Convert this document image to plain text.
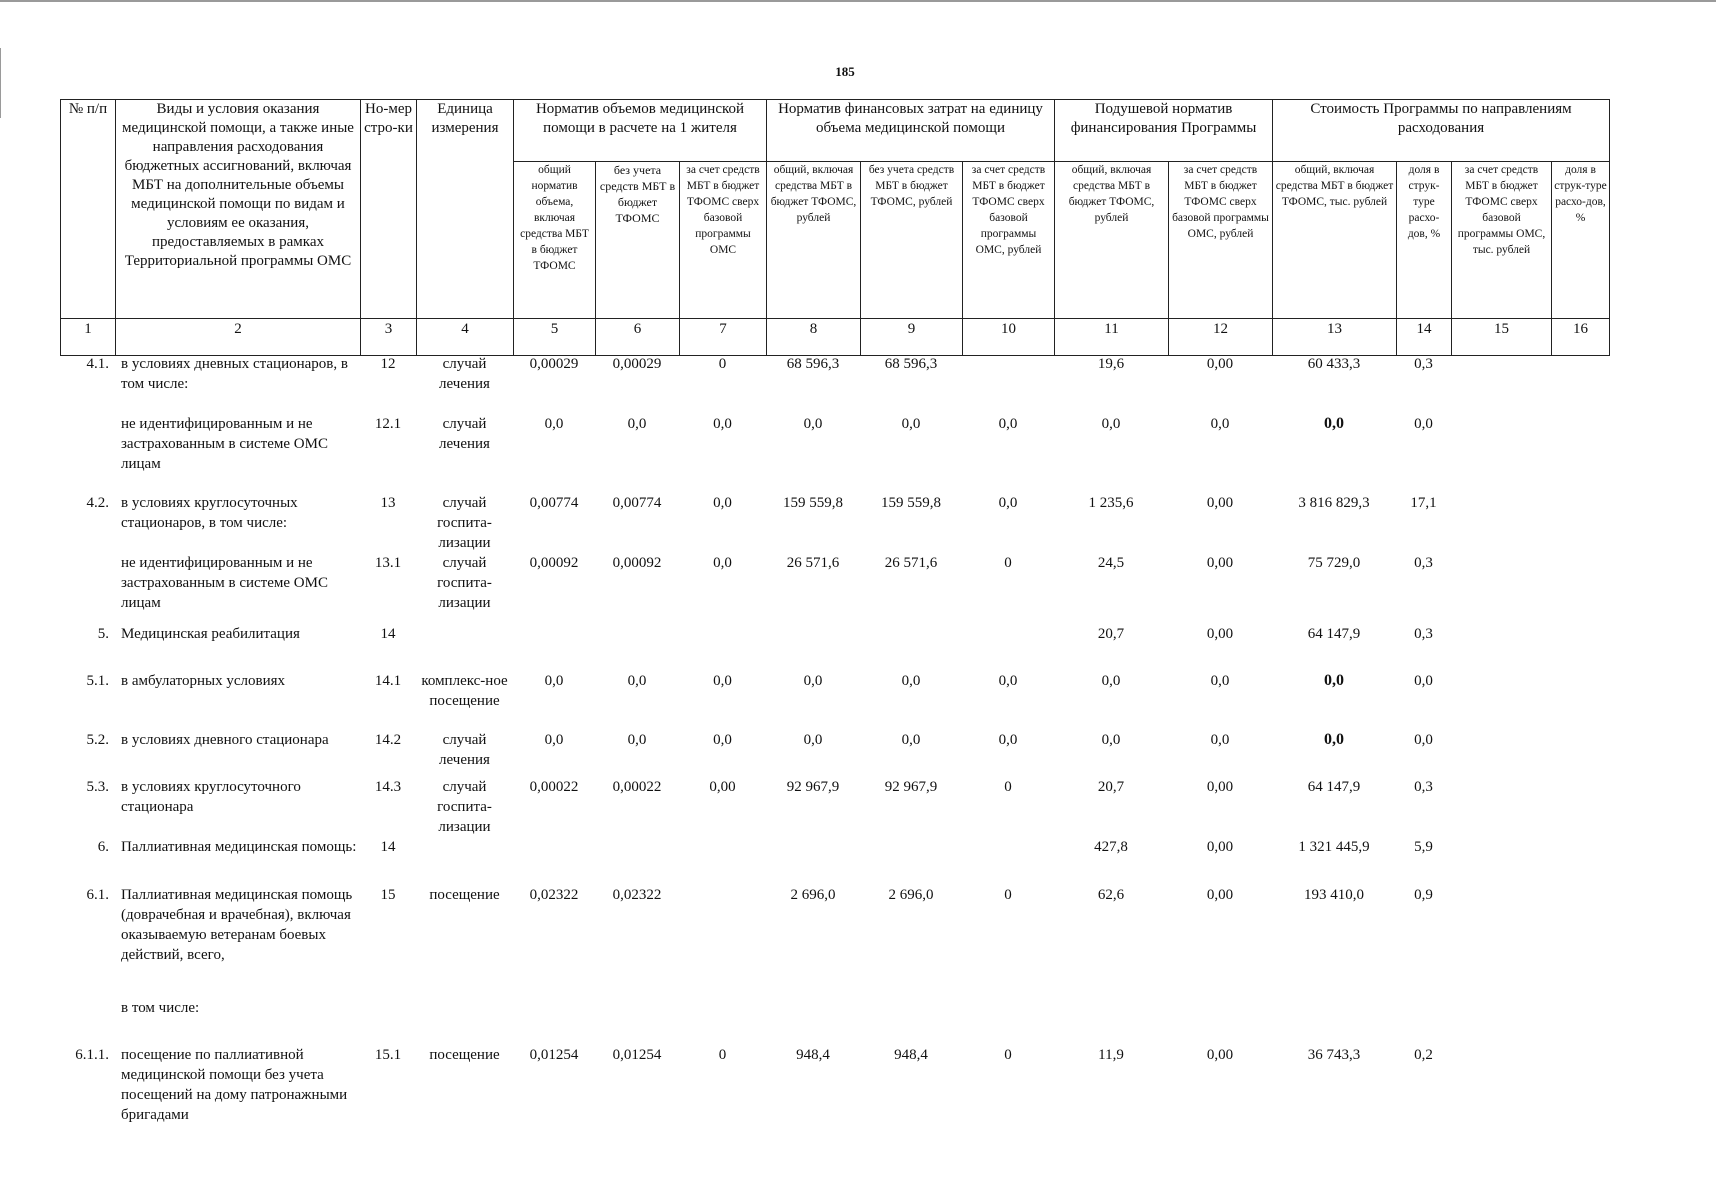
185
№ п/п	Виды и условия оказания медицинской помощи, а также иные направления расходования бюджетных ассигнований, включая МБТ на дополнительные объемы медицинской помощи по видам и условиям ее оказания, предоставляемых в рамках Территориальной программы ОМС	Но-мер стро-ки	Единица измерения	Норматив объемов медицинской помощи в расчете на 1 жителя			Норматив финансовых затрат на единицу объема медицинской помощи			Подушевой норматив финансирования Программы		Стоимость Программы по направлениям расходования			
				общий норматив объема, включая средства МБТ в бюджет ТФОМС	без учета средств МБТ в бюджет ТФОМС	за счет средств МБТ в бюджет ТФОМС сверх базовой программы ОМС	общий, включая средства МБТ в бюджет ТФОМС, рублей	без учета средств МБТ в бюджет ТФОМС, рублей	за счет средств МБТ в бюджет ТФОМС сверх базовой программы ОМС, рублей	общий, включая средства МБТ в бюджет ТФОМС, рублей	за счет средств МБТ в бюджет ТФОМС сверх базовой программы ОМС, рублей	общий, включая средства МБТ в бюджет ТФОМС, тыс. рублей	доля в струк-туре расхо-дов, %	за счет средств МБТ в бюджет ТФОМС сверх базовой программы ОМС, тыс. рублей	доля в струк-туре расхо-дов, %
1	2	3	4	5	6	7	8	9	10	11	12	13	14	15	16
4.1.	в условиях дневных стационаров, в том числе:	12	случай лечения	0,00029	0,00029	0	68 596,3	68 596,3		19,6	0,00	60 433,3	0,3		
	не идентифицированным и не застрахованным в системе ОМС лицам	12.1	случай лечения	0,0	0,0	0,0	0,0	0,0	0,0	0,0	0,0	0,0	0,0		
4.2.	в условиях круглосуточных стационаров, в том числе:	13	случай госпита-лизации	0,00774	0,00774	0,0	159 559,8	159 559,8	0,0	1 235,6	0,00	3 816 829,3	17,1		
	не идентифицированным и не застрахованным в системе ОМС лицам	13.1	случай госпита-лизации	0,00092	0,00092	0,0	26 571,6	26 571,6	0	24,5	0,00	75 729,0	0,3		
5.	Медицинская реабилитация	14								20,7	0,00	64 147,9	0,3		
5.1.	в амбулаторных условиях	14.1	комплекс-ное посещение	0,0	0,0	0,0	0,0	0,0	0,0	0,0	0,0	0,0	0,0		
5.2.	в условиях дневного стационара	14.2	случай лечения	0,0	0,0	0,0	0,0	0,0	0,0	0,0	0,0	0,0	0,0		
5.3.	в условиях круглосуточного стационара	14.3	случай госпита-лизации	0,00022	0,00022	0,00	92 967,9	92 967,9	0	20,7	0,00	64 147,9	0,3		
6.	Паллиативная медицинская помощь:	14								427,8	0,00	1 321 445,9	5,9		
6.1.	Паллиативная медицинская помощь (доврачебная и врачебная), включая оказываемую ветеранам боевых действий, всего,	15	посещение	0,02322	0,02322		2 696,0	2 696,0	0	62,6	0,00	193 410,0	0,9		
	в том числе:														
6.1.1.	посещение по паллиативной медицинской помощи без учета посещений на дому патронажными бригадами	15.1	посещение	0,01254	0,01254	0	948,4	948,4	0	11,9	0,00	36 743,3	0,2		
